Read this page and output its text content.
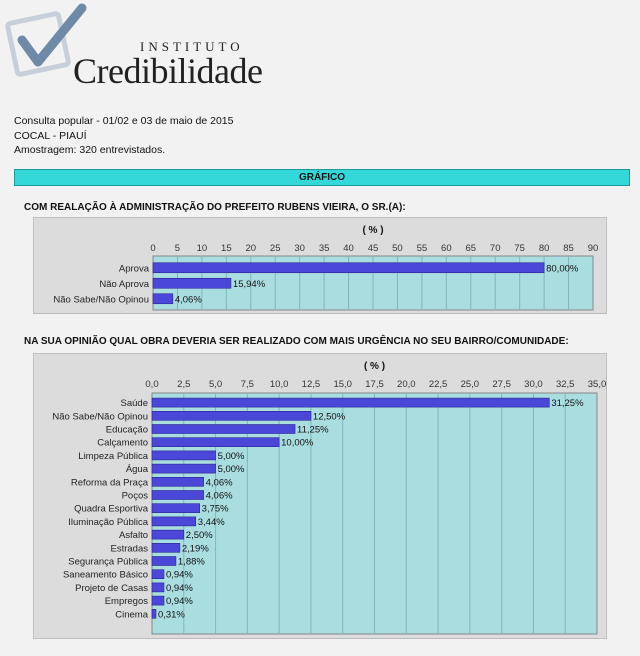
INSTITUTO
Credibilidade
Consulta popular - 01/02 e 03 de maio de 2015
COCAL - PIAUÍ
Amostragem: 320 entrevistados.
GRÁFICO
COM REALAÇÃO À ADMINISTRAÇÃO DO PREFEITO RUBENS VIEIRA, O SR.(A):
( % )
0 5 10 15 20 25 30 35 40 45 50 55 60 65 70 75 80 85 90
Aprova	80,00%
Não Aprova	15,94%
Não Sabe/Não Opinou	4,06%
NA SUA OPINIÃO QUAL OBRA DEVERIA SER REALIZADO COM MAIS URGÊNCIA NO SEU BAIRRO/COMUNIDADE:
( % )
0,0 2,5 5,0 7,5 10,0 12,5 15,0 17,5 20,0 22,5 25,0 27,5 30,0 32,5 35,0
Saúde	31,25%
Não Sabe/Não Opinou	12,50%
Educação	11,25%
Calçamento	10,00%
Limpeza Pública	5,00%
Água	5,00%
Reforma da Praça	4,06%
Poços	4,06%
Quadra Esportiva	3,75%
Iluminação Pública	3,44%
Asfalto	2,50%
Estradas	2,19%
Segurança Pública	1,88%
Saneamento Básico 0,94%
Projeto de Casas 0,94%
Empregos 0,94%
Cinema 0,31%
